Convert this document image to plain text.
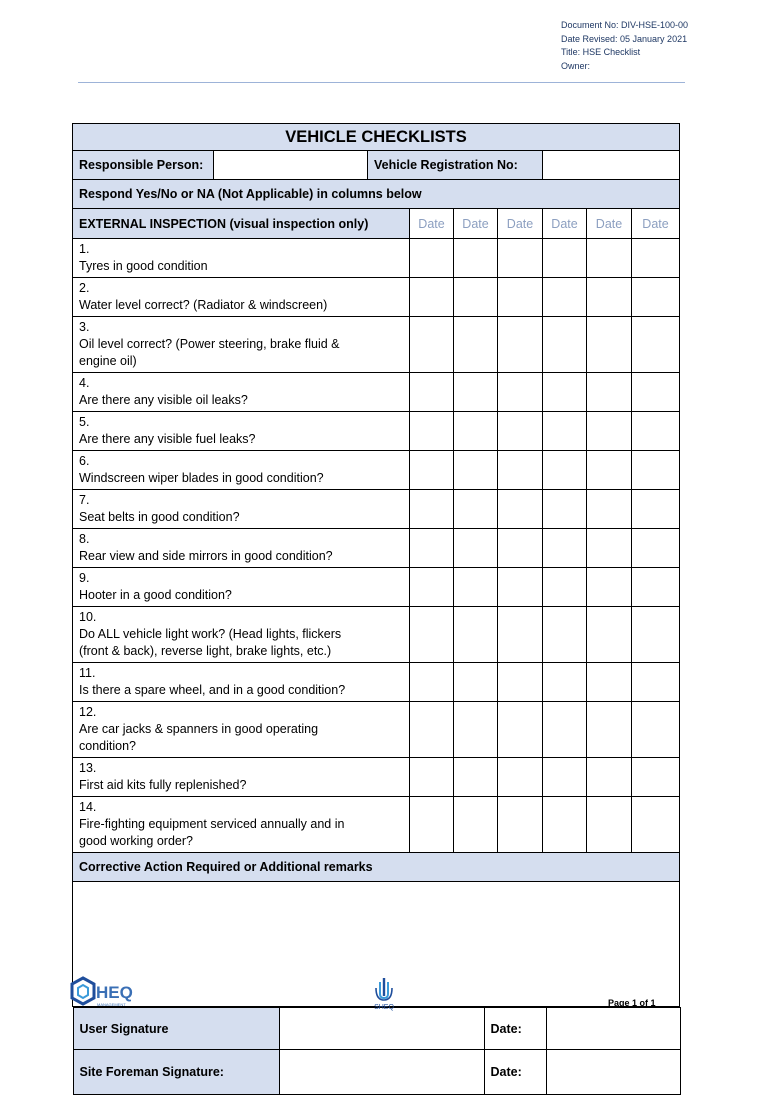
Document No: DIV-HSE-100-00
Date Revised: 05 January 2021
Title: HSE Checklist
Owner:
VEHICLE CHECKLISTS
Responsible Person:		Vehicle Registration No:	
Respond Yes/No or NA (Not Applicable) in columns below
EXTERNAL INSPECTION (visual inspection only)	Date	Date	Date	Date	Date	Date
1.Tyres in good condition						
2.Water level correct? (Radiator & windscreen)						
3.Oil level correct? (Power steering, brake fluid & engine oil)						
4.Are there any visible oil leaks?						
5.Are there any visible fuel leaks?						
6.Windscreen wiper blades in good condition?						
7.Seat belts in good condition?						
8.Rear view and side mirrors in good condition?						
9.Hooter in a good condition?						
10.Do ALL vehicle light work? (Head lights, flickers (front & back), reverse light, brake lights, etc.)						
11.Is there a spare wheel, and in a good condition?						
12.Are car jacks & spanners in good operating condition?						
13.First aid kits fully replenished?						
14.Fire-fighting equipment serviced annually and in good working order?						
Corrective Action Required or Additional remarks

User Signature		Date:	
Site Foreman Signature:		Date:	
HEQ
MANAGEMENT	SHEQ	Page 1 of 1
